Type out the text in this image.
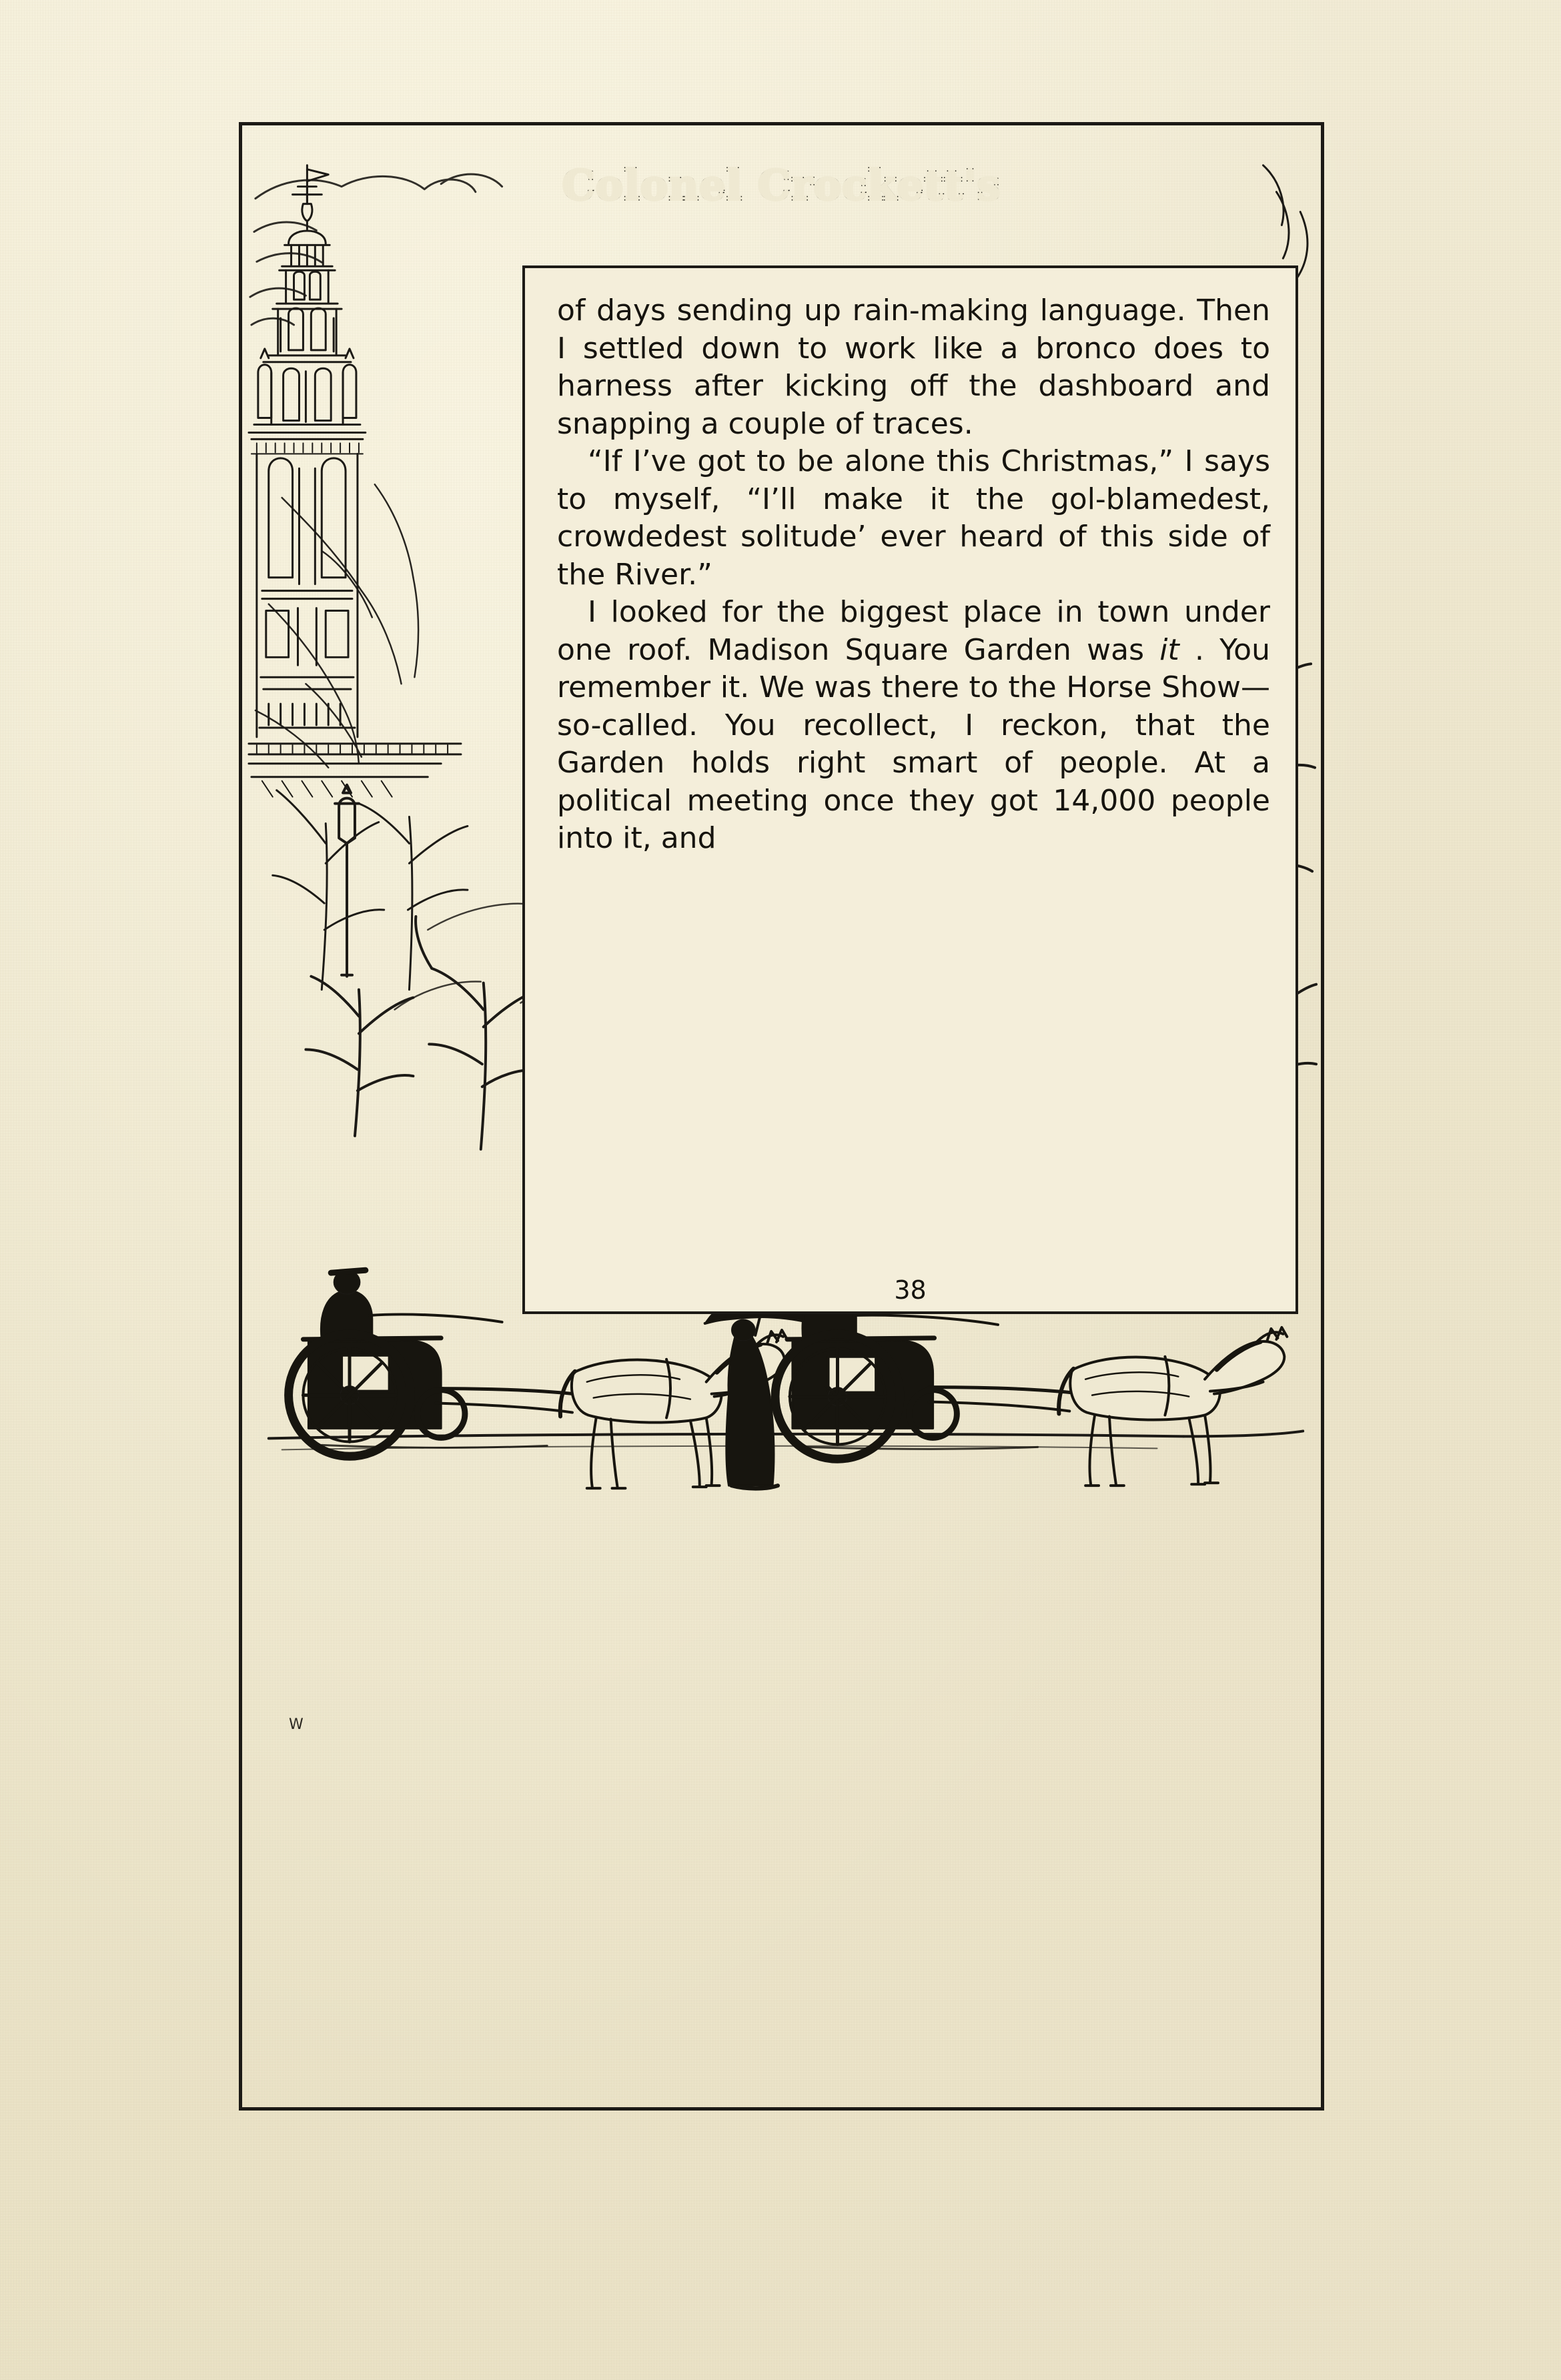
Colonel Crockett's
W

of days sending up rain-making language. Then I settled down to work like a bronco does to harness after kicking off the dashboard and snapping a couple of traces.

“If I’ve got to be alone this Christmas,” I says to myself, “I’ll make it the gol-blamedest, crowdedest solitude’ ever heard of this side of the River.”

I looked for the biggest place in town under one roof. Madison Square Garden was it . You remember it. We was there to the Horse Show— so-called. You recollect, I reckon, that the Garden holds right smart of people. At a political meeting once they got 14,000 people into it, and

38
